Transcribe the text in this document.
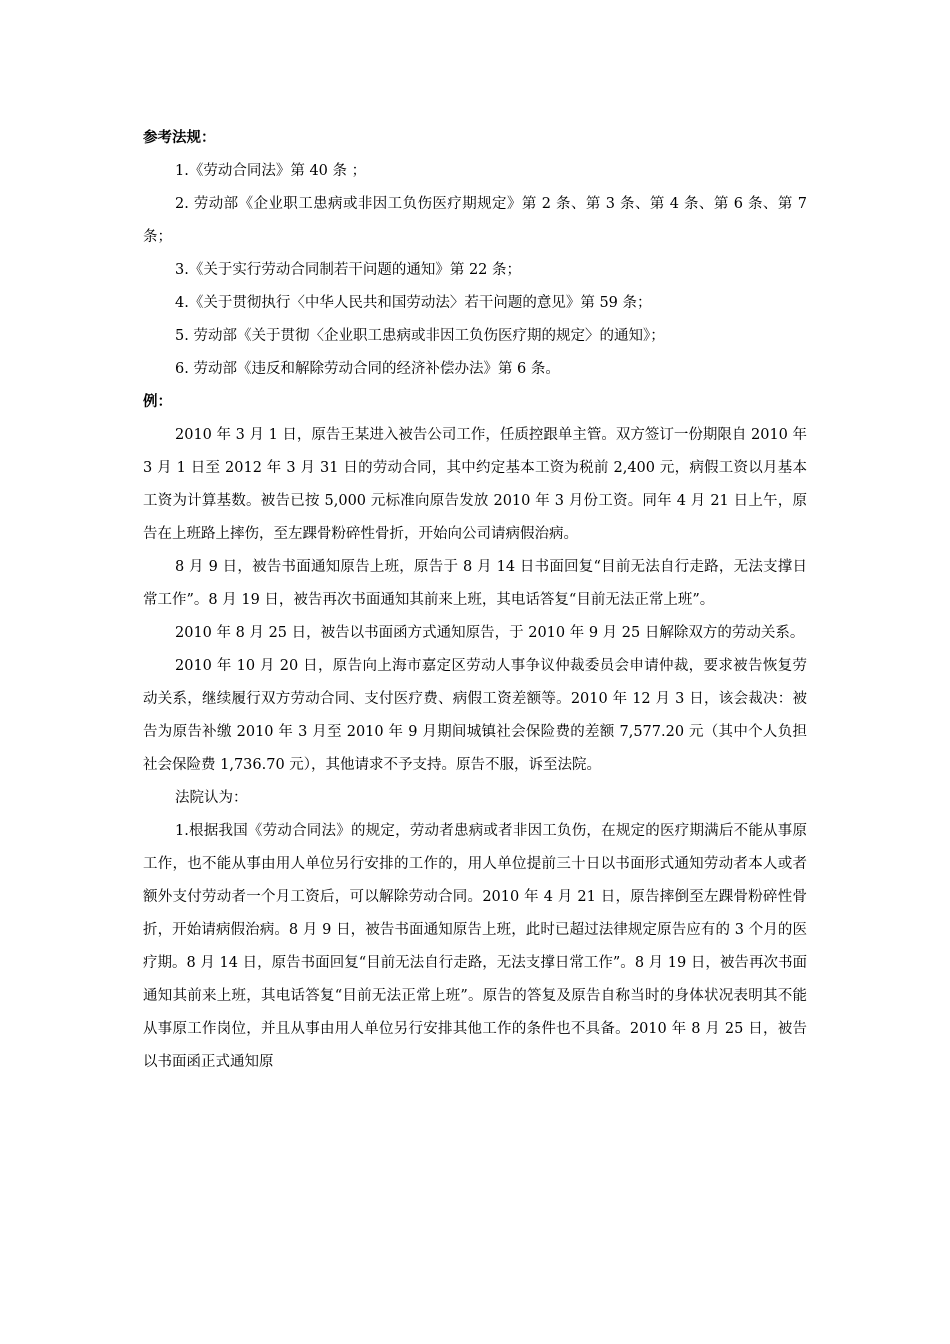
参考法规：

1.《劳动合同法》第 40 条 ；

2. 劳动部《企业职工患病或非因工负伤医疗期规定》第 2 条、第 3 条、第 4 条、第 6 条、第 7 条；

3.《关于实行劳动合同制若干问题的通知》第 22 条；

4.《关于贯彻执行〈中华人民共和国劳动法〉若干问题的意见》第 59 条；

5. 劳动部《关于贯彻〈企业职工患病或非因工负伤医疗期的规定〉的通知》；

6. 劳动部《违反和解除劳动合同的经济补偿办法》第 6 条。

例：

2010 年 3 月 1 日，原告王某进入被告公司工作，任质控跟单主管。双方签订一份期限自 2010 年 3 月 1 日至 2012 年 3 月 31 日的劳动合同，其中约定基本工资为税前 2,400 元，病假工资以月基本工资为计算基数。被告已按 5,000 元标准向原告发放 2010 年 3 月份工资。同年 4 月 21 日上午，原告在上班路上摔伤，至左踝骨粉碎性骨折，开始向公司请病假治病。

8 月 9 日，被告书面通知原告上班，原告于 8 月 14 日书面回复“目前无法自行走路，无法支撑日常工作”。8 月 19 日，被告再次书面通知其前来上班，其电话答复“目前无法正常上班”。

2010 年 8 月 25 日，被告以书面函方式通知原告，于 2010 年 9 月 25 日解除双方的劳动关系。

2010 年 10 月 20 日，原告向上海市嘉定区劳动人事争议仲裁委员会申请仲裁，要求被告恢复劳动关系，继续履行双方劳动合同、支付医疗费、病假工资差额等。2010 年 12 月 3 日，该会裁决：被告为原告补缴 2010 年 3 月至 2010 年 9 月期间城镇社会保险费的差额 7,577.20 元（其中个人负担社会保险费 1,736.70 元），其他请求不予支持。原告不服，诉至法院。

法院认为：

1.根据我国《劳动合同法》的规定，劳动者患病或者非因工负伤，在规定的医疗期满后不能从事原工作，也不能从事由用人单位另行安排的工作的，用人单位提前三十日以书面形式通知劳动者本人或者额外支付劳动者一个月工资后，可以解除劳动合同。2010 年 4 月 21 日，原告摔倒至左踝骨粉碎性骨折，开始请病假治病。8 月 9 日，被告书面通知原告上班，此时已超过法律规定原告应有的 3 个月的医疗期。8 月 14 日，原告书面回复“目前无法自行走路，无法支撑日常工作”。8 月 19 日，被告再次书面通知其前来上班，其电话答复“目前无法正常上班”。原告的答复及原告自称当时的身体状况表明其不能从事原工作岗位，并且从事由用人单位另行安排其他工作的条件也不具备。2010 年 8 月 25 日，被告以书面函正式通知原
